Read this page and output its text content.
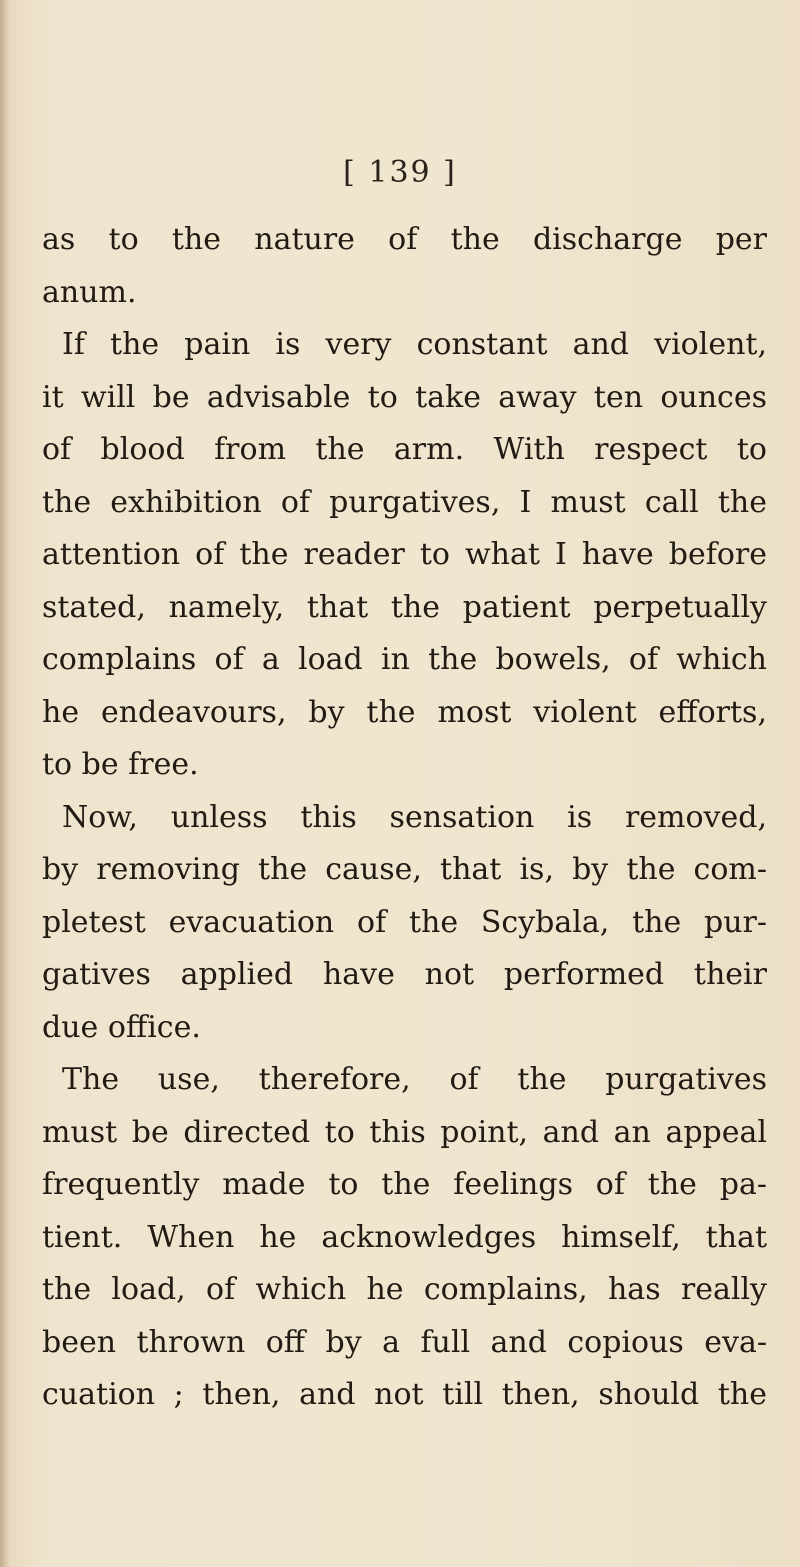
[ 139 ]
as to the nature of the discharge per
anum.
If the pain is very constant and violent,
it will be advisable to take away ten ounces
of blood from the arm. With respect to
the exhibition of purgatives, I must call the
attention of the reader to what I have before
stated, namely, that the patient perpetually
complains of a load in the bowels, of which
he endeavours, by the most violent efforts,
to be free.
Now, unless this sensation is removed,
by removing the cause, that is, by the com-
pletest evacuation of the Scybala, the pur-
gatives applied have not performed their
due office.
The use, therefore, of the purgatives
must be directed to this point, and an appeal
frequently made to the feelings of the pa-
tient. When he acknowledges himself, that
the load, of which he complains, has really
been thrown off by a full and copious eva-
cuation ; then, and not till then, should the
